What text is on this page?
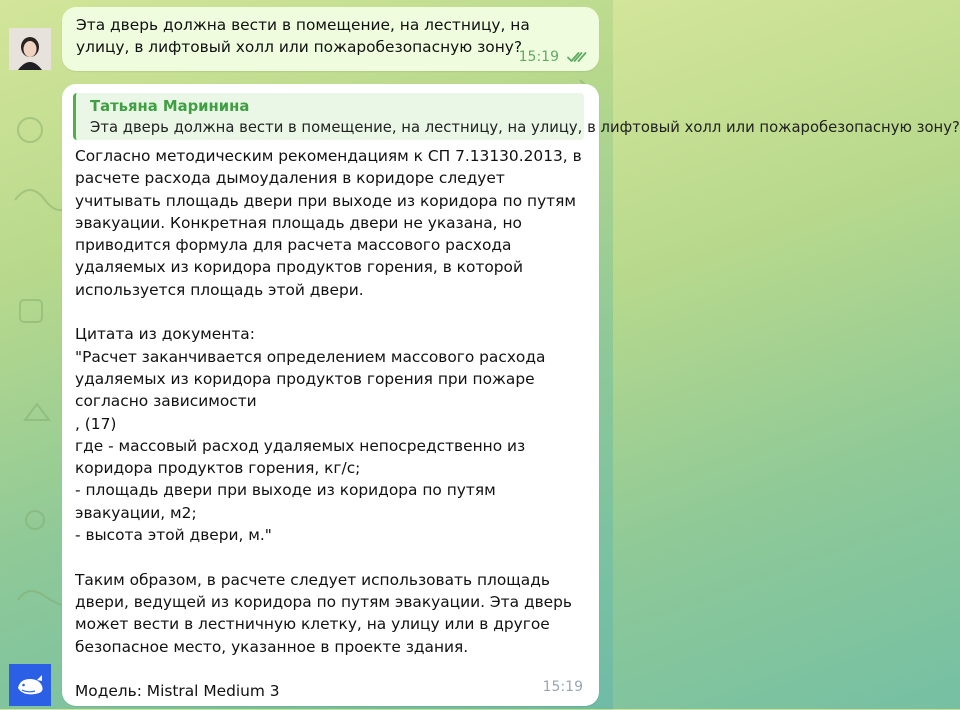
Эта дверь должна вести в помещение, на лестницу, на улицу, в лифтовый холл или пожаробезопасную зону?
15:19
Татьяна Маринина
Эта дверь должна вести в помещение, на лестницу, на улицу, в лифтовый холл или пожаробезопасную зону?

Согласно методическим рекомендациям к СП 7.13130.2013, в расчете расхода дымоудаления в коридоре следует учитывать площадь двери при выходе из коридора по путям эвакуации. Конкретная площадь двери не указана, но приводится формула для расчета массового расхода удаляемых из коридора продуктов горения, в которой используется площадь этой двери.

Цитата из документа:

"Расчет заканчивается определением массового расхода удаляемых из коридора продуктов горения при пожаре согласно зависимости

, (17)

где - массовый расход удаляемых непосредственно из коридора продуктов горения, кг/с;

- площадь двери при выходе из коридора по путям эвакуации, м2;

- высота этой двери, м."

Таким образом, в расчете следует использовать площадь двери, ведущей из коридора по путям эвакуации. Эта дверь может вести в лестничную клетку, на улицу или в другое безопасное место, указанное в проекте здания.

Модель: Mistral Medium 3	15:19
